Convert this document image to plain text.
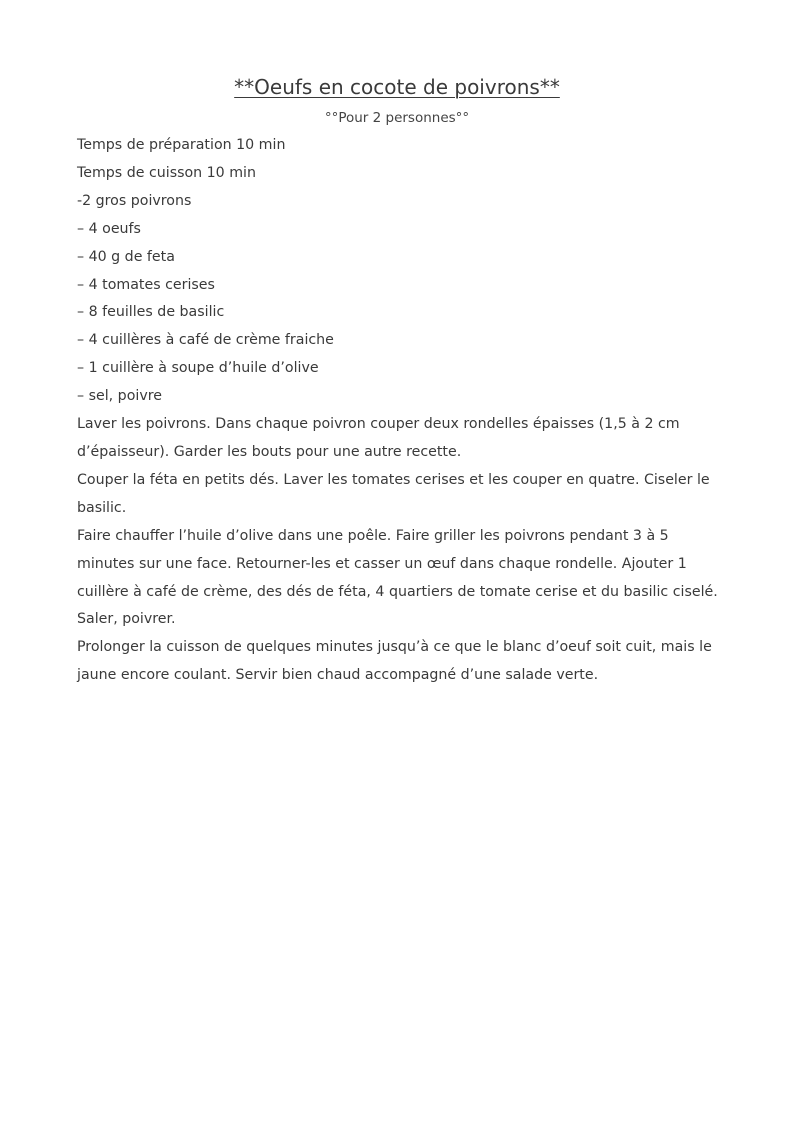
**Oeufs en cocote de poivrons**
°°Pour 2 personnes°°
Temps de préparation 10 min
Temps de cuisson 10 min
-2 gros poivrons
– 4 oeufs
– 40 g de feta
– 4 tomates cerises
– 8 feuilles de basilic
– 4 cuillères à café de crème fraiche
– 1 cuillère à soupe d’huile d’olive
– sel, poivre
Laver les poivrons. Dans chaque poivron couper deux rondelles épaisses (1,5 à 2 cm
d’épaisseur). Garder les bouts pour une autre recette.
Couper la féta en petits dés. Laver les tomates cerises et les couper en quatre. Ciseler le
basilic.
Faire chauffer l’huile d’olive dans une poêle. Faire griller les poivrons pendant 3 à 5
minutes sur une face. Retourner-les et casser un œuf dans chaque rondelle. Ajouter 1
cuillère à café de crème, des dés de féta, 4 quartiers de tomate cerise et du basilic ciselé.
Saler, poivrer.
Prolonger la cuisson de quelques minutes jusqu’à ce que le blanc d’oeuf soit cuit, mais le
jaune encore coulant. Servir bien chaud accompagné d’une salade verte.
